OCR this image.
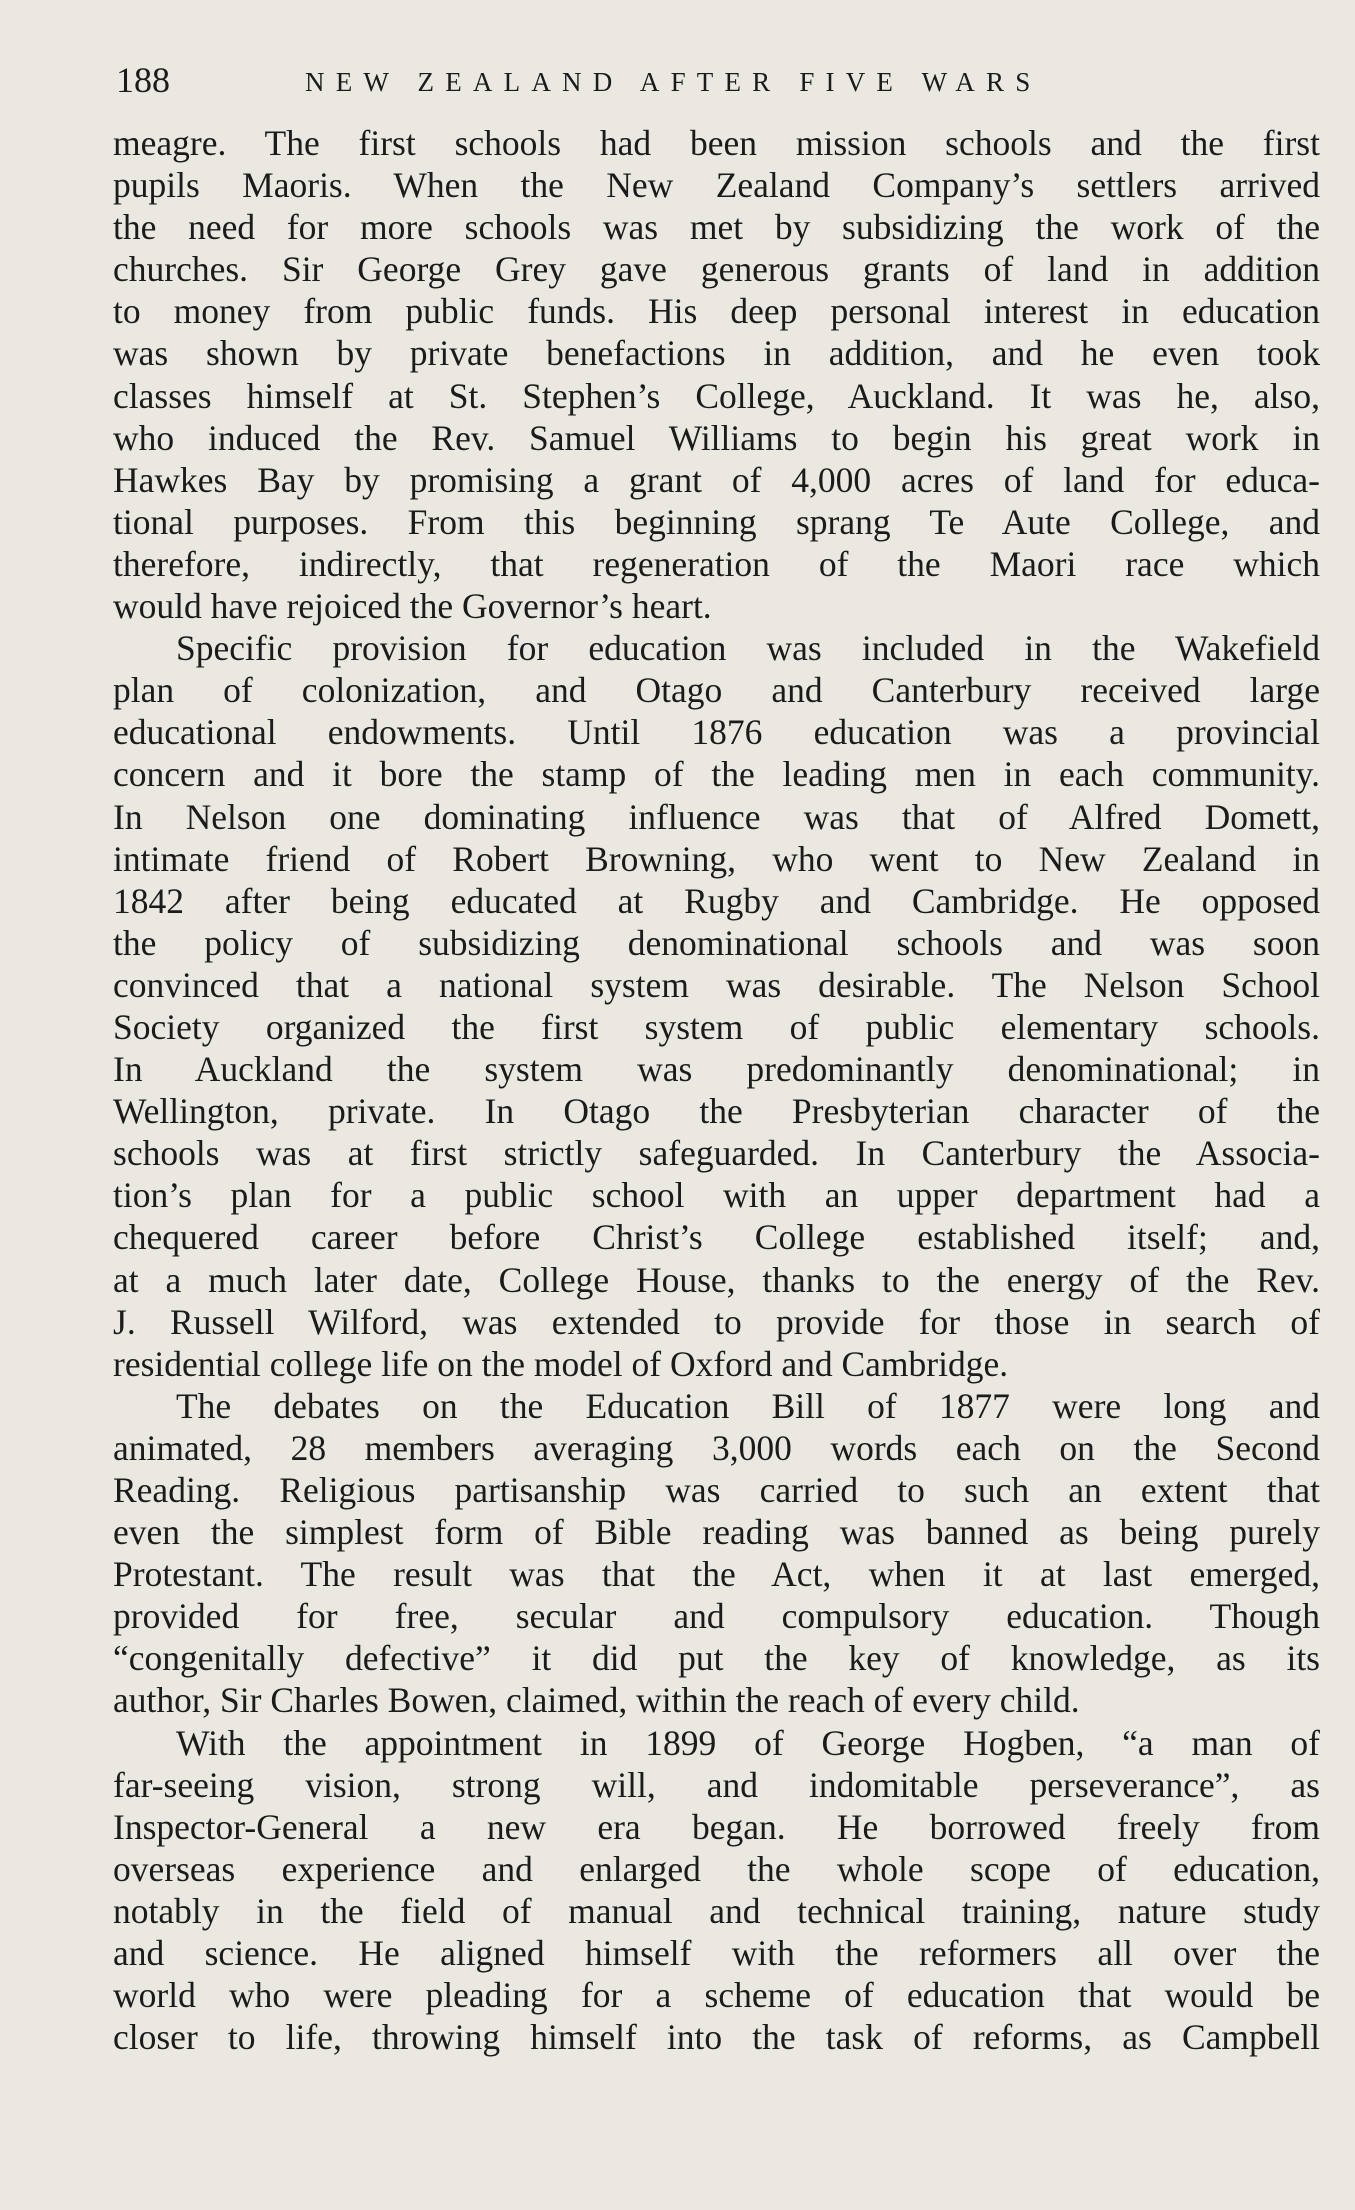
188	NEW ZEALAND AFTER FIVE WARS
meagre. The first schools had been mission schools and the first
pupils Maoris. When the New Zealand Company’s settlers arrived
the need for more schools was met by subsidizing the work of the
churches. Sir George Grey gave generous grants of land in addition
to money from public funds. His deep personal interest in education
was shown by private benefactions in addition, and he even took
classes himself at St. Stephen’s College, Auckland. It was he, also,
who induced the Rev. Samuel Williams to begin his great work in
Hawkes Bay by promising a grant of 4,000 acres of land for educa-
tional purposes. From this beginning sprang Te Aute College, and
therefore, indirectly, that regeneration of the Maori race which
would have rejoiced the Governor’s heart.
Specific provision for education was included in the Wakefield
plan of colonization, and Otago and Canterbury received large
educational endowments. Until 1876 education was a provincial
concern and it bore the stamp of the leading men in each community.
In Nelson one dominating influence was that of Alfred Domett,
intimate friend of Robert Browning, who went to New Zealand in
1842 after being educated at Rugby and Cambridge. He opposed
the policy of subsidizing denominational schools and was soon
convinced that a national system was desirable. The Nelson School
Society organized the first system of public elementary schools.
In Auckland the system was predominantly denominational; in
Wellington, private. In Otago the Presbyterian character of the
schools was at first strictly safeguarded. In Canterbury the Associa-
tion’s plan for a public school with an upper department had a
chequered career before Christ’s College established itself; and,
at a much later date, College House, thanks to the energy of the Rev.
J. Russell Wilford, was extended to provide for those in search of
residential college life on the model of Oxford and Cambridge.
The debates on the Education Bill of 1877 were long and
animated, 28 members averaging 3,000 words each on the Second
Reading. Religious partisanship was carried to such an extent that
even the simplest form of Bible reading was banned as being purely
Protestant. The result was that the Act, when it at last emerged,
provided for free, secular and compulsory education. Though
“congenitally defective” it did put the key of knowledge, as its
author, Sir Charles Bowen, claimed, within the reach of every child.
With the appointment in 1899 of George Hogben, “a man of
far-seeing vision, strong will, and indomitable perseverance”, as
Inspector-General a new era began. He borrowed freely from
overseas experience and enlarged the whole scope of education,
notably in the field of manual and technical training, nature study
and science. He aligned himself with the reformers all over the
world who were pleading for a scheme of education that would be
closer to life, throwing himself into the task of reforms, as Campbell
